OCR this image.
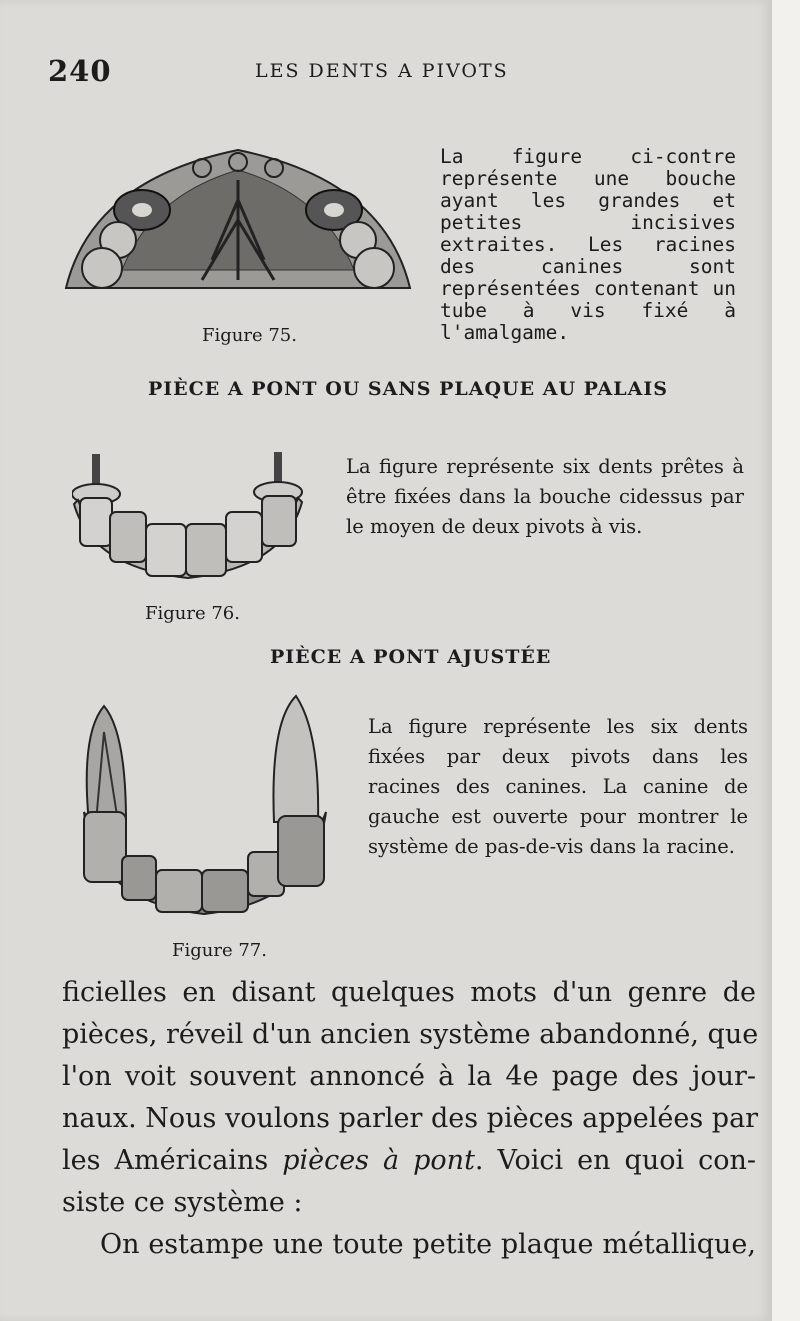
240	LES DENTS A PIVOTS
Figure 75.
La figure ci-contre représente une bouche ayant les grandes et petites incisives extraites. Les racines des canines sont représentées contenant un tube à vis fixé à l'amalgame.
PIÈCE A PONT OU SANS PLAQUE AU PALAIS
Figure 76.
La figure représente six dents prêtes à être fixées dans la bouche cidessus par le moyen de deux pivots à vis.
PIÈCE A PONT AJUSTÉE
Figure 77.
La figure représente les six dents fixées par deux pivots dans les racines des canines. La canine de gauche est ouverte pour montrer le système de pas-de-vis dans la racine.
ficielles en disant quelques mots d'un genre de
pièces, réveil d'un ancien système abandonné, que
l'on voit souvent annoncé à la 4e page des jour-
naux. Nous voulons parler des pièces appelées par
les Américains pièces à pont. Voici en quoi con-
siste ce système :
On estampe une toute petite plaque métallique,
